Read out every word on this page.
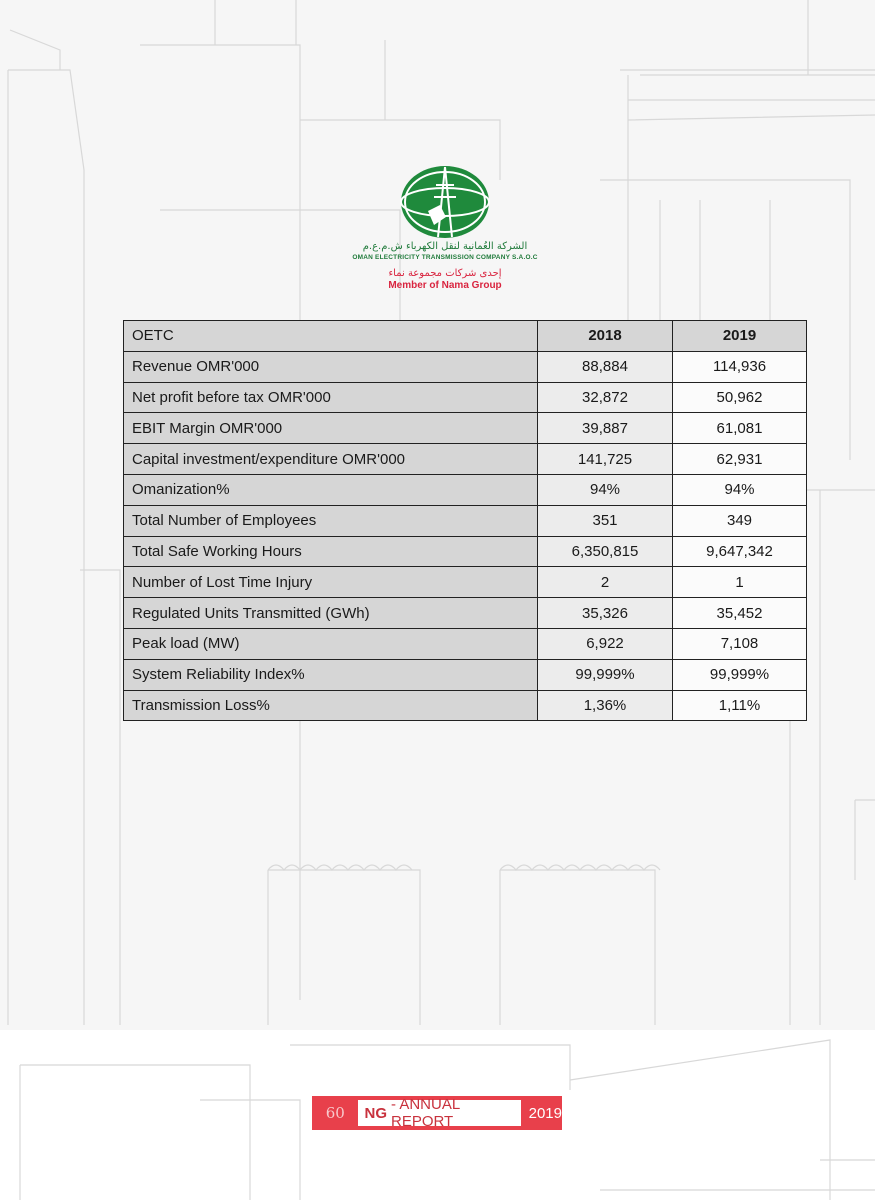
الشركة العُمانية لنقل الكهرباء ش.م.ع.م
OMAN ELECTRICITY TRANSMISSION COMPANY S.A.O.C
إحدى شركات مجموعة نماء
Member of Nama Group
OETC	2018	2019
Revenue OMR'000	88,884	114,936
Net profit before tax OMR'000	32,872	50,962
EBIT Margin OMR'000	39,887	61,081
Capital investment/expenditure OMR'000	141,725	62,931
Omanization%	94%	94%
Total Number of Employees	351	349
Total Safe Working Hours	6,350,815	9,647,342
Number of Lost Time Injury	2	1
Regulated Units Transmitted (GWh)	35,326	35,452
Peak load (MW)	6,922	7,108
System Reliability Index%	99,999%	99,999%
Transmission Loss%	1,36%	1,11%
60	NG - ANNUAL REPORT	2019
